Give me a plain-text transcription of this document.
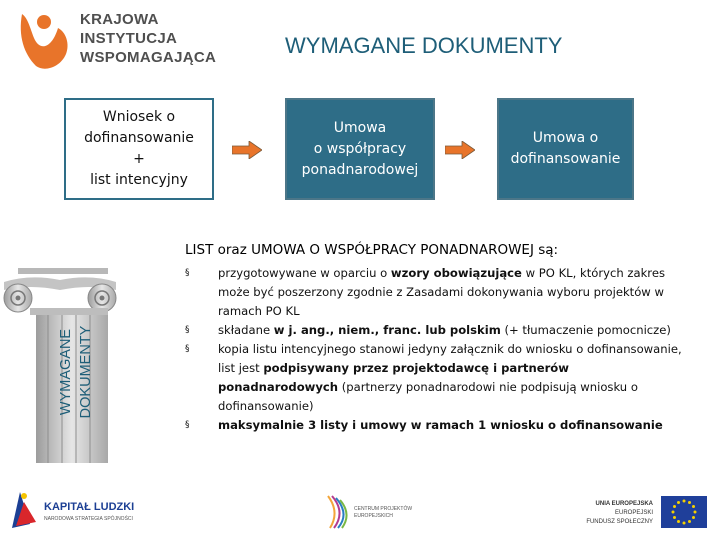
KRAJOWA
INSTYTUCJA
WSPOMAGAJĄCA	WYMAGANE DOKUMENTY
Wniosek o
dofinansowanie
+
list intencyjny
Umowa
o współpracy
ponadnarodowej
Umowa o
dofinansowanie
LIST oraz UMOWA O WSPÓŁPRACY PONADNAROWEJ są:
§ przygotowywane w oparciu o wzory obowiązujące w PO KL, których zakres może być poszerzony zgodnie z Zasadami dokonywania wyboru projektów w ramach PO KL
§ składane w j. ang., niem., franc. lub polskim (+ tłumaczenie pomocnicze)
§ kopia listu intencyjnego stanowi jedyny załącznik do wniosku o dofinansowanie, list jest podpisywany przez projektodawcę i partnerów ponadnarodowych (partnerzy ponadnarodowi nie podpisują wniosku o dofinansowanie)
§ maksymalnie 3 listy i umowy w ramach 1 wniosku o dofinansowanie
WYMAGANE DOKUMENTY
KAPITAŁ LUDZKI
NARODOWA STRATEGIA SPÓJNOŚCI
CENTRUM PROJEKTÓW
EUROPEJSKICH
UNIA EUROPEJSKA
EUROPEJSKI
FUNDUSZ SPOŁECZNY
